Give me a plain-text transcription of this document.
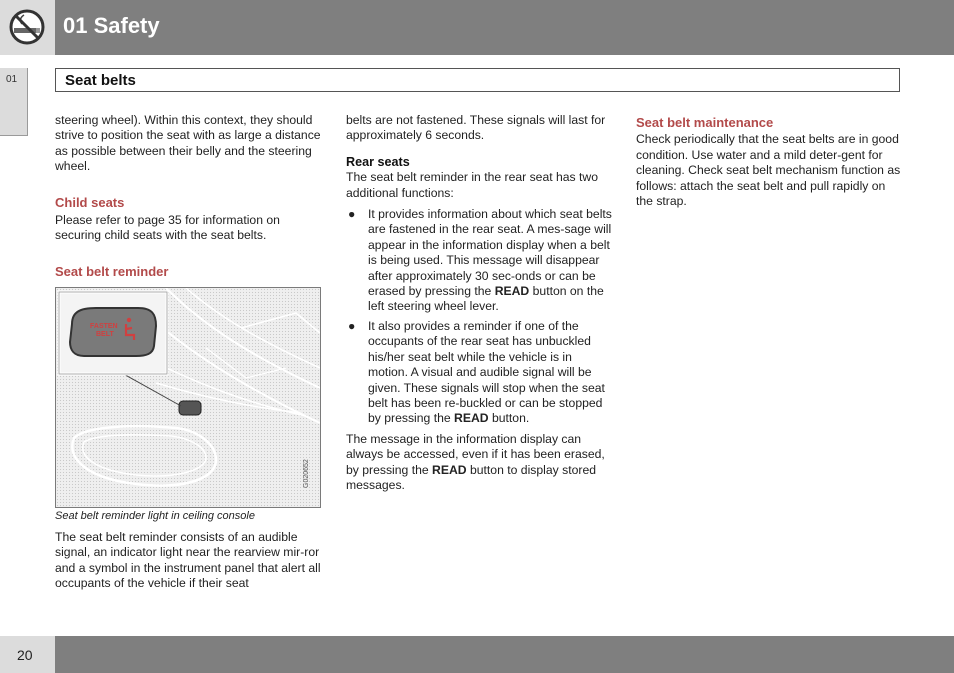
01 Safety
01	Seat belts

steering wheel). Within this context, they should strive to position the seat with as large a distance as possible between their belly and the steering wheel.

Child seats

Please refer to page 35 for information on securing child seats with the seat belts.

Seat belt reminder

FASTEN
BELT
G020652
Seat belt reminder light in ceiling console

The seat belt reminder consists of an audible signal, an indicator light near the rearview mir-ror and a symbol in the instrument panel that alert all occupants of the vehicle if their seat

belts are not fastened. These signals will last for approximately 6 seconds.

Rear seats

The seat belt reminder in the rear seat has two additional functions:

● It provides information about which seat belts are fastened in the rear seat. A mes-sage will appear in the information display when a belt is being used. This message will disappear after approximately 30 sec-onds or can be erased by pressing the READ button on the left steering wheel lever.
● It also provides a reminder if one of the occupants of the rear seat has unbuckled his/her seat belt while the vehicle is in motion. A visual and audible signal will be given. These signals will stop when the seat belt has been re-buckled or can be stopped by pressing the READ button.

The message in the information display can always be accessed, even if it has been erased, by pressing the READ button to display stored messages.

Seat belt maintenance

Check periodically that the seat belts are in good condition. Use water and a mild deter-gent for cleaning. Check seat belt mechanism function as follows: attach the seat belt and pull rapidly on the strap.

20
